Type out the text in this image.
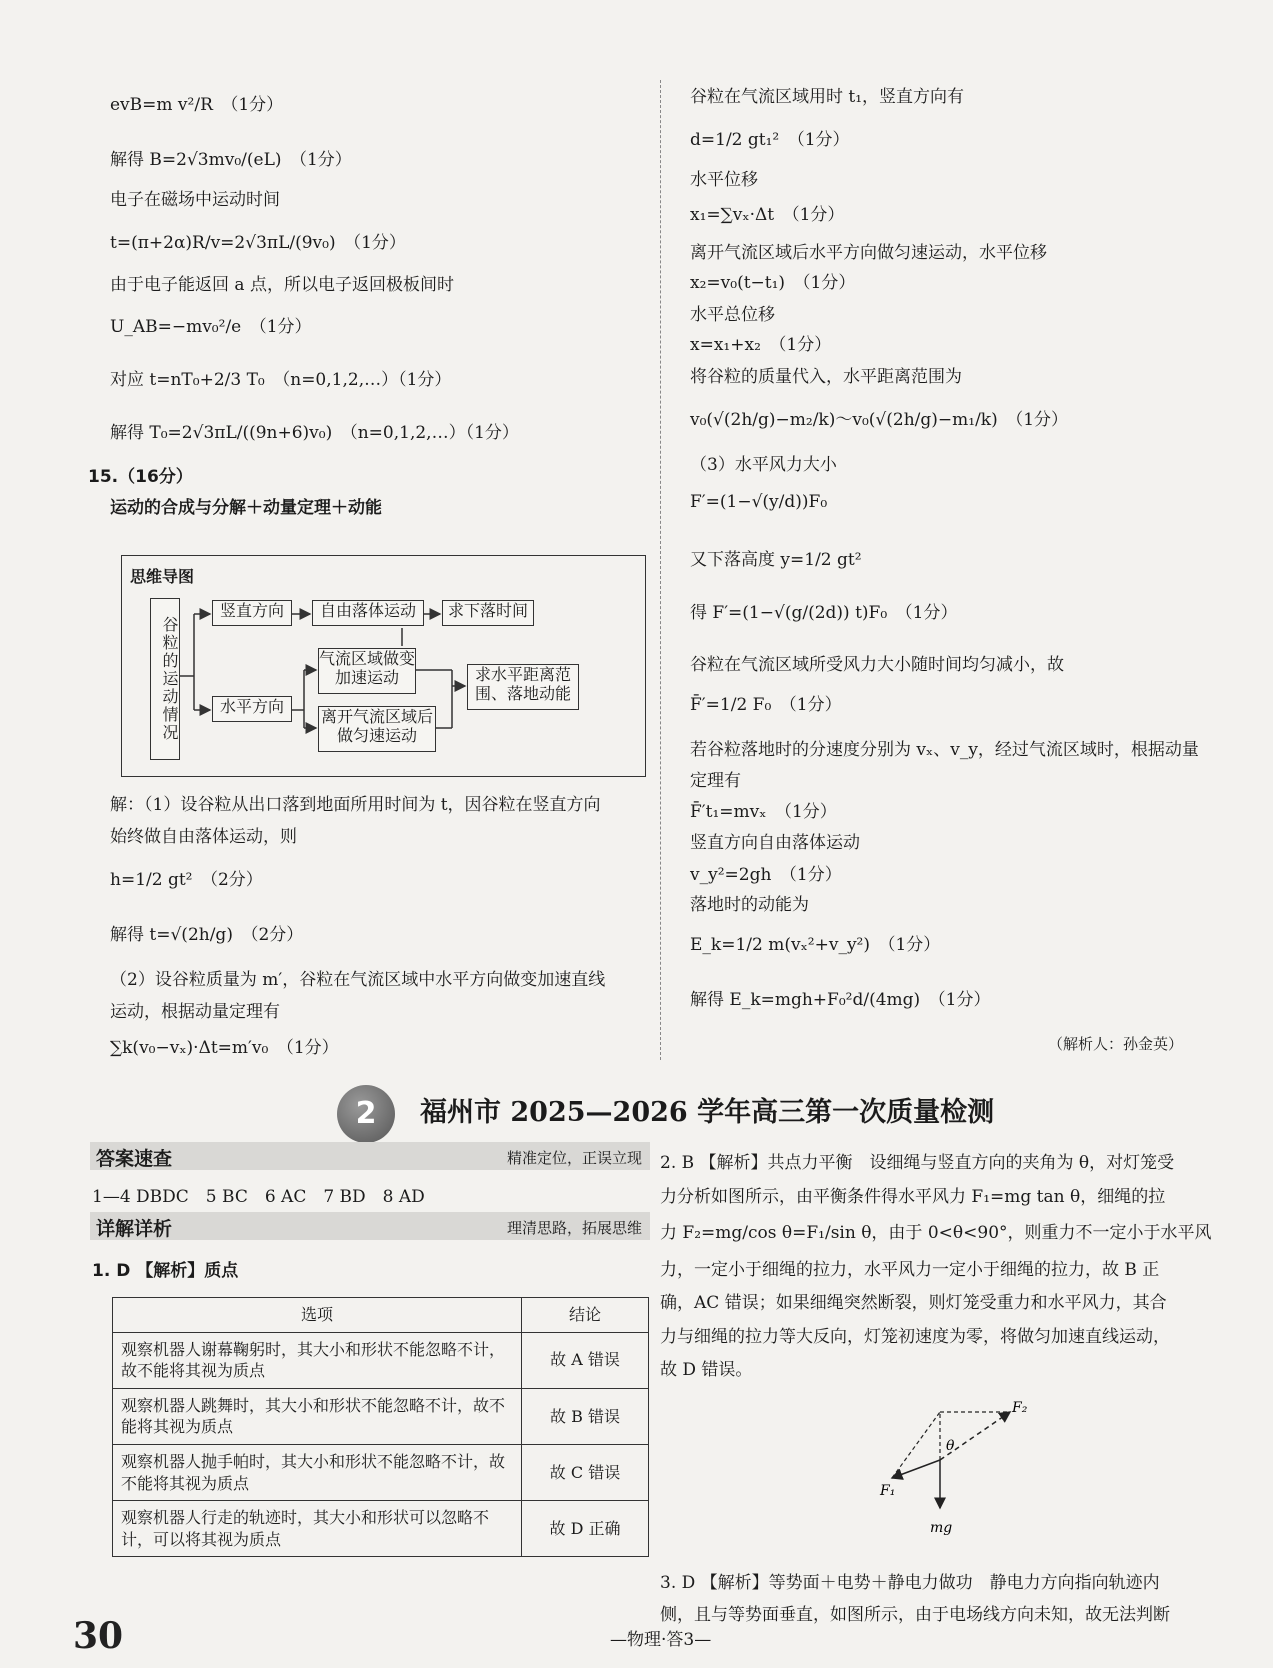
evB=m v²/R　（1分）
解得 B=2√3mv₀/(eL)　（1分）
电子在磁场中运动时间
t=(π+2α)R/v=2√3πL/(9v₀)　（1分）
由于电子能返回 a 点，所以电子返回极板间时
U_AB=−mv₀²/e　（1分）
对应 t=nT₀+2/3 T₀　（n=0,1,2,…）（1分）
解得 T₀=2√3πL/((9n+6)v₀)　（n=0,1,2,…）（1分）
15.（16分）
运动的合成与分解＋动量定理＋动能
思维导图
谷粒的运动情况
竖直方向	自由落体运动	求下落时间
水平方向
气流区域做变加速运动
离开气流区域后做匀速运动
求水平距离范围、落地动能
解：（1）设谷粒从出口落到地面所用时间为 t，因谷粒在竖直方向
始终做自由落体运动，则
h=1/2 gt²　（2分）
解得 t=√(2h/g)　（2分）
（2）设谷粒质量为 m′，谷粒在气流区域中水平方向做变加速直线
运动，根据动量定理有
∑k(v₀−vₓ)·Δt=m′v₀　（1分）
谷粒在气流区域用时 t₁，竖直方向有
d=1/2 gt₁²　（1分）
水平位移
x₁=∑vₓ·Δt　（1分）
离开气流区域后水平方向做匀速运动，水平位移
x₂=v₀(t−t₁)　（1分）
水平总位移
x=x₁+x₂　（1分）
将谷粒的质量代入，水平距离范围为
v₀(√(2h/g)−m₂/k)～v₀(√(2h/g)−m₁/k)　（1分）
（3）水平风力大小
F′=(1−√(y/d))F₀
又下落高度 y=1/2 gt²
得 F′=(1−√(g/(2d)) t)F₀　（1分）
谷粒在气流区域所受风力大小随时间均匀减小，故
F̄′=1/2 F₀　（1分）
若谷粒落地时的分速度分别为 vₓ、v_y，经过气流区域时，根据动量
定理有
F̄′t₁=mvₓ　（1分）
竖直方向自由落体运动
v_y²=2gh　（1分）
落地时的动能为
E_k=1/2 m(vₓ²+v_y²)　（1分）
解得 E_k=mgh+F₀²d/(4mg)　（1分）
（解析人：孙金英）
2	福州市 2025—2026 学年高三第一次质量检测
答案速查	精准定位，正误立现
1—4 DBDC　5 BC　6 AC　7 BD　8 AD
详解详析	理清思路，拓展思维
1. D 【解析】质点
选项	结论
观察机器人谢幕鞠躬时，其大小和形状不能忽略不计，故不能将其视为质点	故 A 错误
观察机器人跳舞时，其大小和形状不能忽略不计，故不能将其视为质点	故 B 错误
观察机器人抛手帕时，其大小和形状不能忽略不计，故不能将其视为质点	故 C 错误
观察机器人行走的轨迹时，其大小和形状可以忽略不计，可以将其视为质点	故 D 正确
2. B 【解析】共点力平衡　设细绳与竖直方向的夹角为 θ，对灯笼受
力分析如图所示，由平衡条件得水平风力 F₁=mg tan θ，细绳的拉
力 F₂=mg/cos θ=F₁/sin θ，由于 0<θ<90°，则重力不一定小于水平风
力，一定小于细绳的拉力，水平风力一定小于细绳的拉力，故 B 正
确，AC 错误；如果细绳突然断裂，则灯笼受重力和水平风力，其合
力与细绳的拉力等大反向，灯笼初速度为零，将做匀加速直线运动，
故 D 错误。
F₂
θ
F₁
mg
3. D 【解析】等势面＋电势＋静电力做功　静电力方向指向轨迹内
侧，且与等势面垂直，如图所示，由于电场线方向未知，故无法判断
30	—物理·答3—
